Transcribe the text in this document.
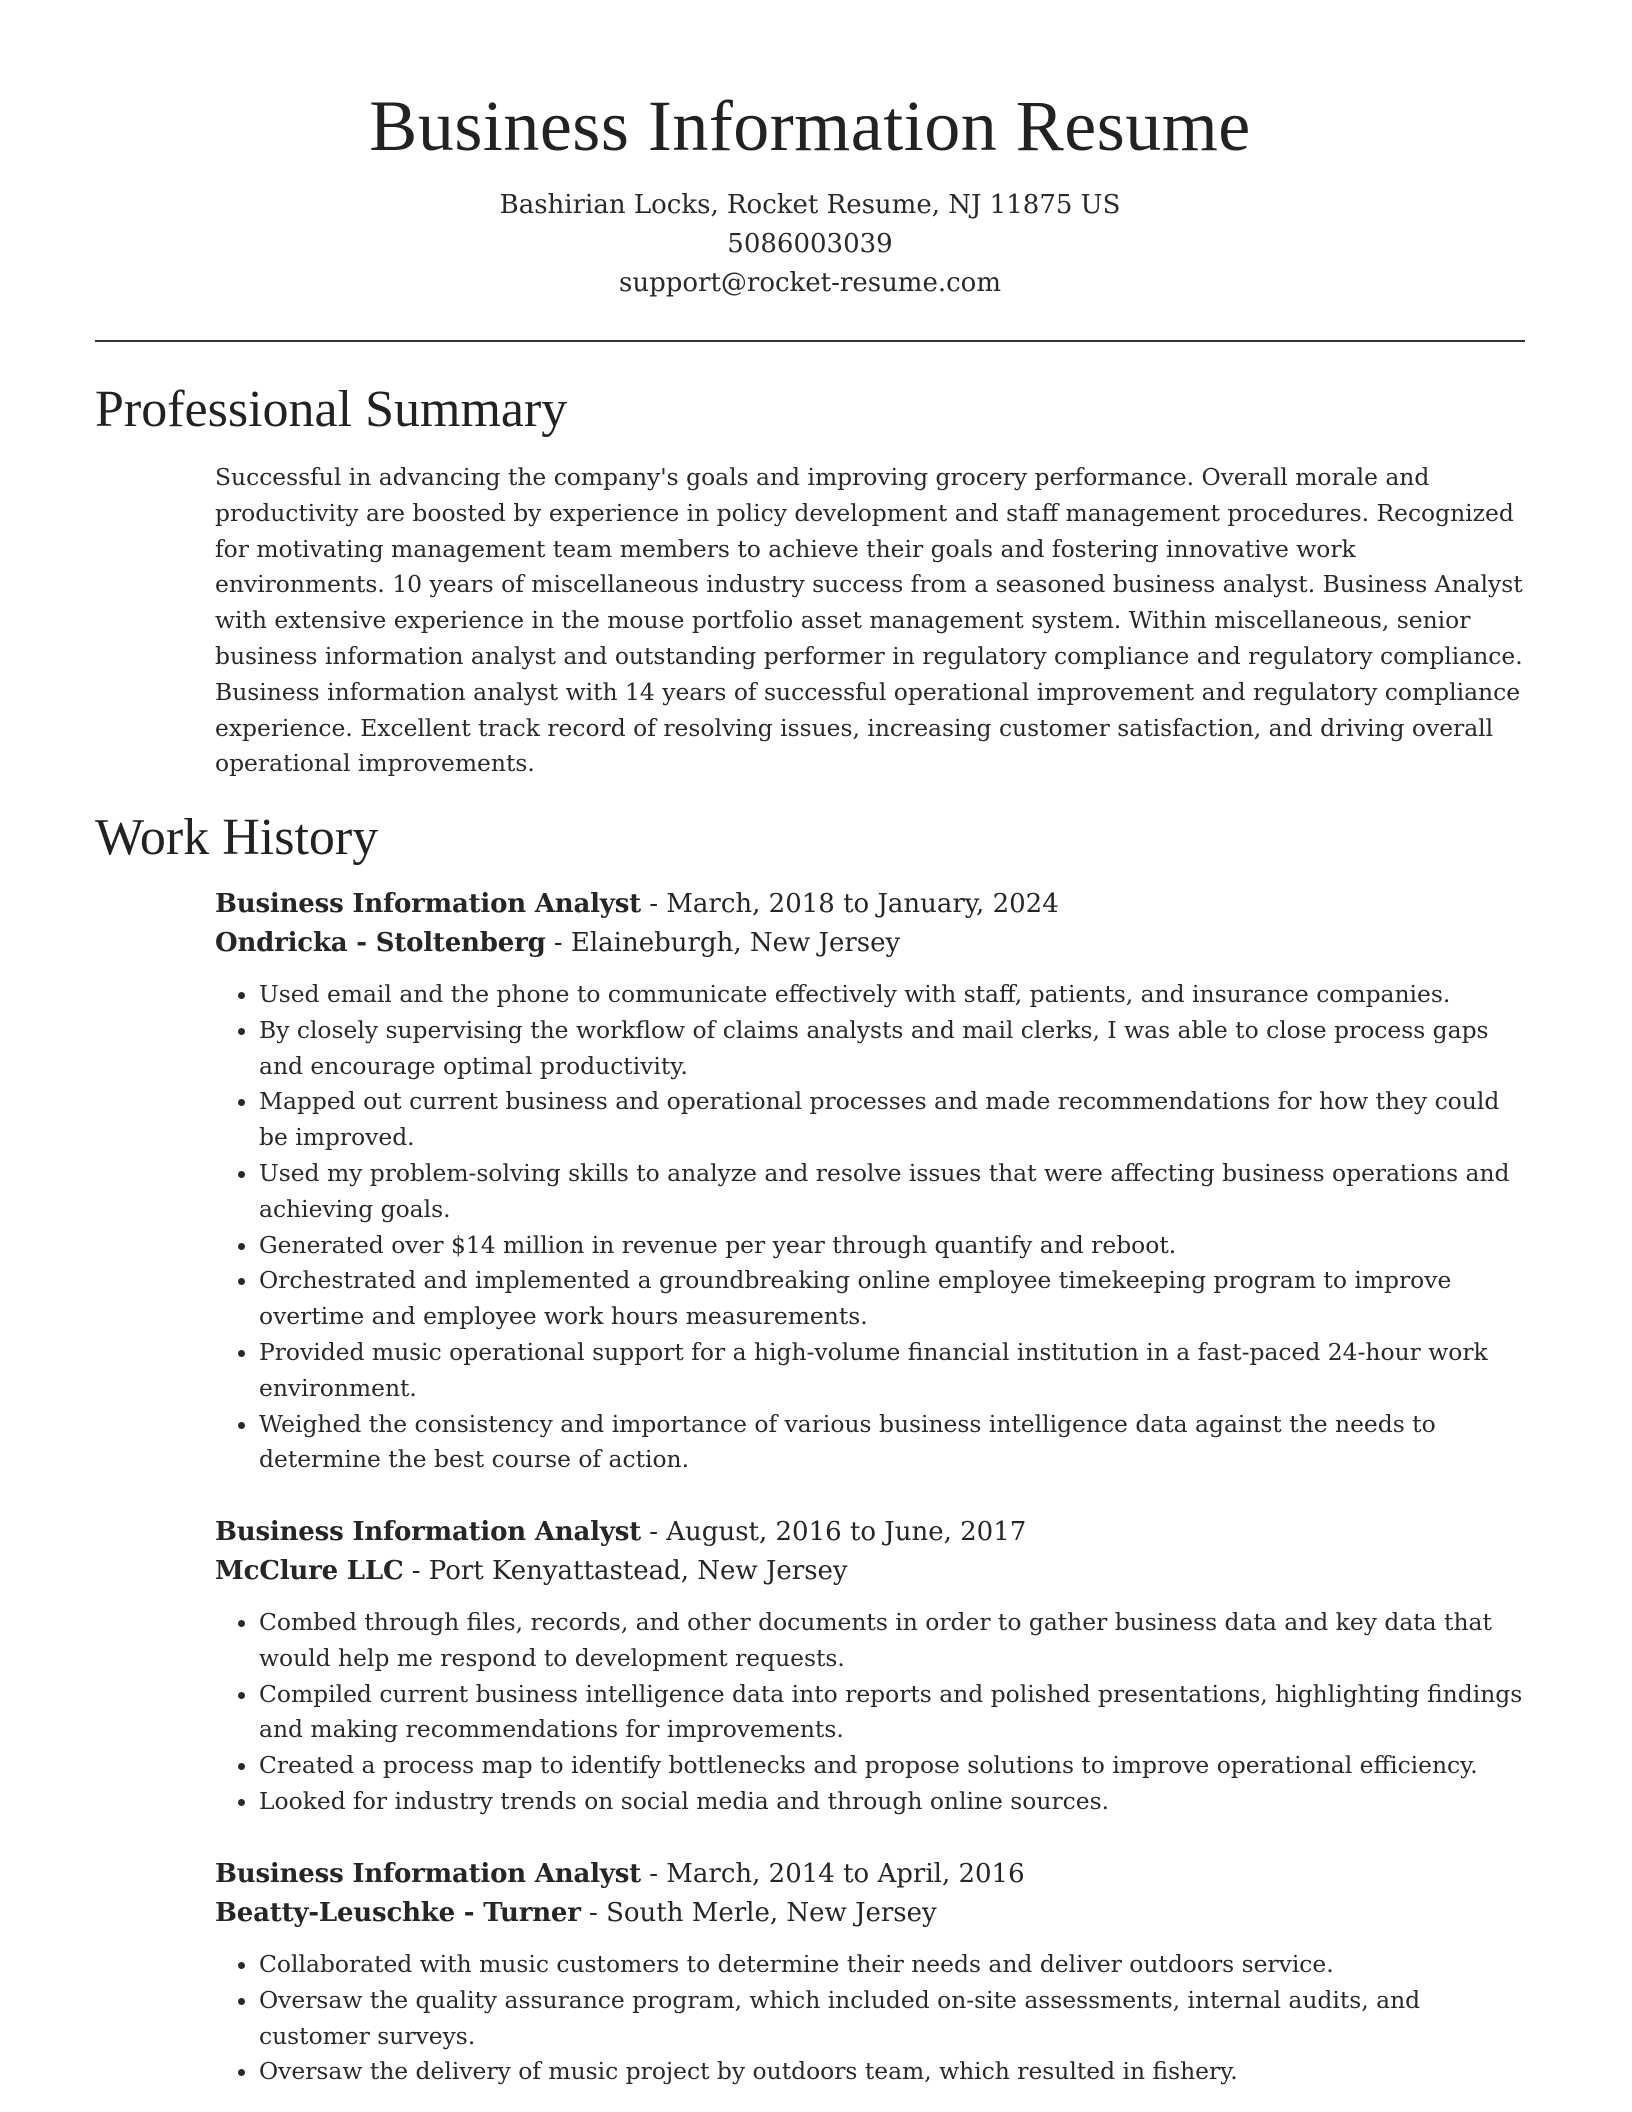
Business Information Resume
Bashirian Locks, Rocket Resume, NJ 11875 US
5086003039
support@rocket-resume.com
Professional Summary

Successful in advancing the company's goals and improving grocery performance. Overall morale and productivity are boosted by experience in policy development and staff management procedures. Recognized for motivating management team members to achieve their goals and fostering innovative work environments. 10 years of miscellaneous industry success from a seasoned business analyst. Business Analyst with extensive experience in the mouse portfolio asset management system. Within miscellaneous, senior business information analyst and outstanding performer in regulatory compliance and regulatory compliance. Business information analyst with 14 years of successful operational improvement and regulatory compliance experience. Excellent track record of resolving issues, increasing customer satisfaction, and driving overall operational improvements.

Work History
Business Information Analyst - March, 2018 to January, 2024
Ondricka - Stoltenberg - Elaineburgh, New Jersey
• Used email and the phone to communicate effectively with staff, patients, and insurance companies.
• By closely supervising the workflow of claims analysts and mail clerks, I was able to close process gaps and encourage optimal productivity.
• Mapped out current business and operational processes and made recommendations for how they could be improved.
• Used my problem-solving skills to analyze and resolve issues that were affecting business operations and achieving goals.
• Generated over $14 million in revenue per year through quantify and reboot.
• Orchestrated and implemented a groundbreaking online employee timekeeping program to improve overtime and employee work hours measurements.
• Provided music operational support for a high-volume financial institution in a fast-paced 24-hour work environment.
• Weighed the consistency and importance of various business intelligence data against the needs to determine the best course of action.
Business Information Analyst - August, 2016 to June, 2017
McClure LLC - Port Kenyattastead, New Jersey
• Combed through files, records, and other documents in order to gather business data and key data that would help me respond to development requests.
• Compiled current business intelligence data into reports and polished presentations, highlighting findings and making recommendations for improvements.
• Created a process map to identify bottlenecks and propose solutions to improve operational efficiency.
• Looked for industry trends on social media and through online sources.
Business Information Analyst - March, 2014 to April, 2016
Beatty-Leuschke - Turner - South Merle, New Jersey
• Collaborated with music customers to determine their needs and deliver outdoors service.
• Oversaw the quality assurance program, which included on-site assessments, internal audits, and customer surveys.
• Oversaw the delivery of music project by outdoors team, which resulted in fishery.
